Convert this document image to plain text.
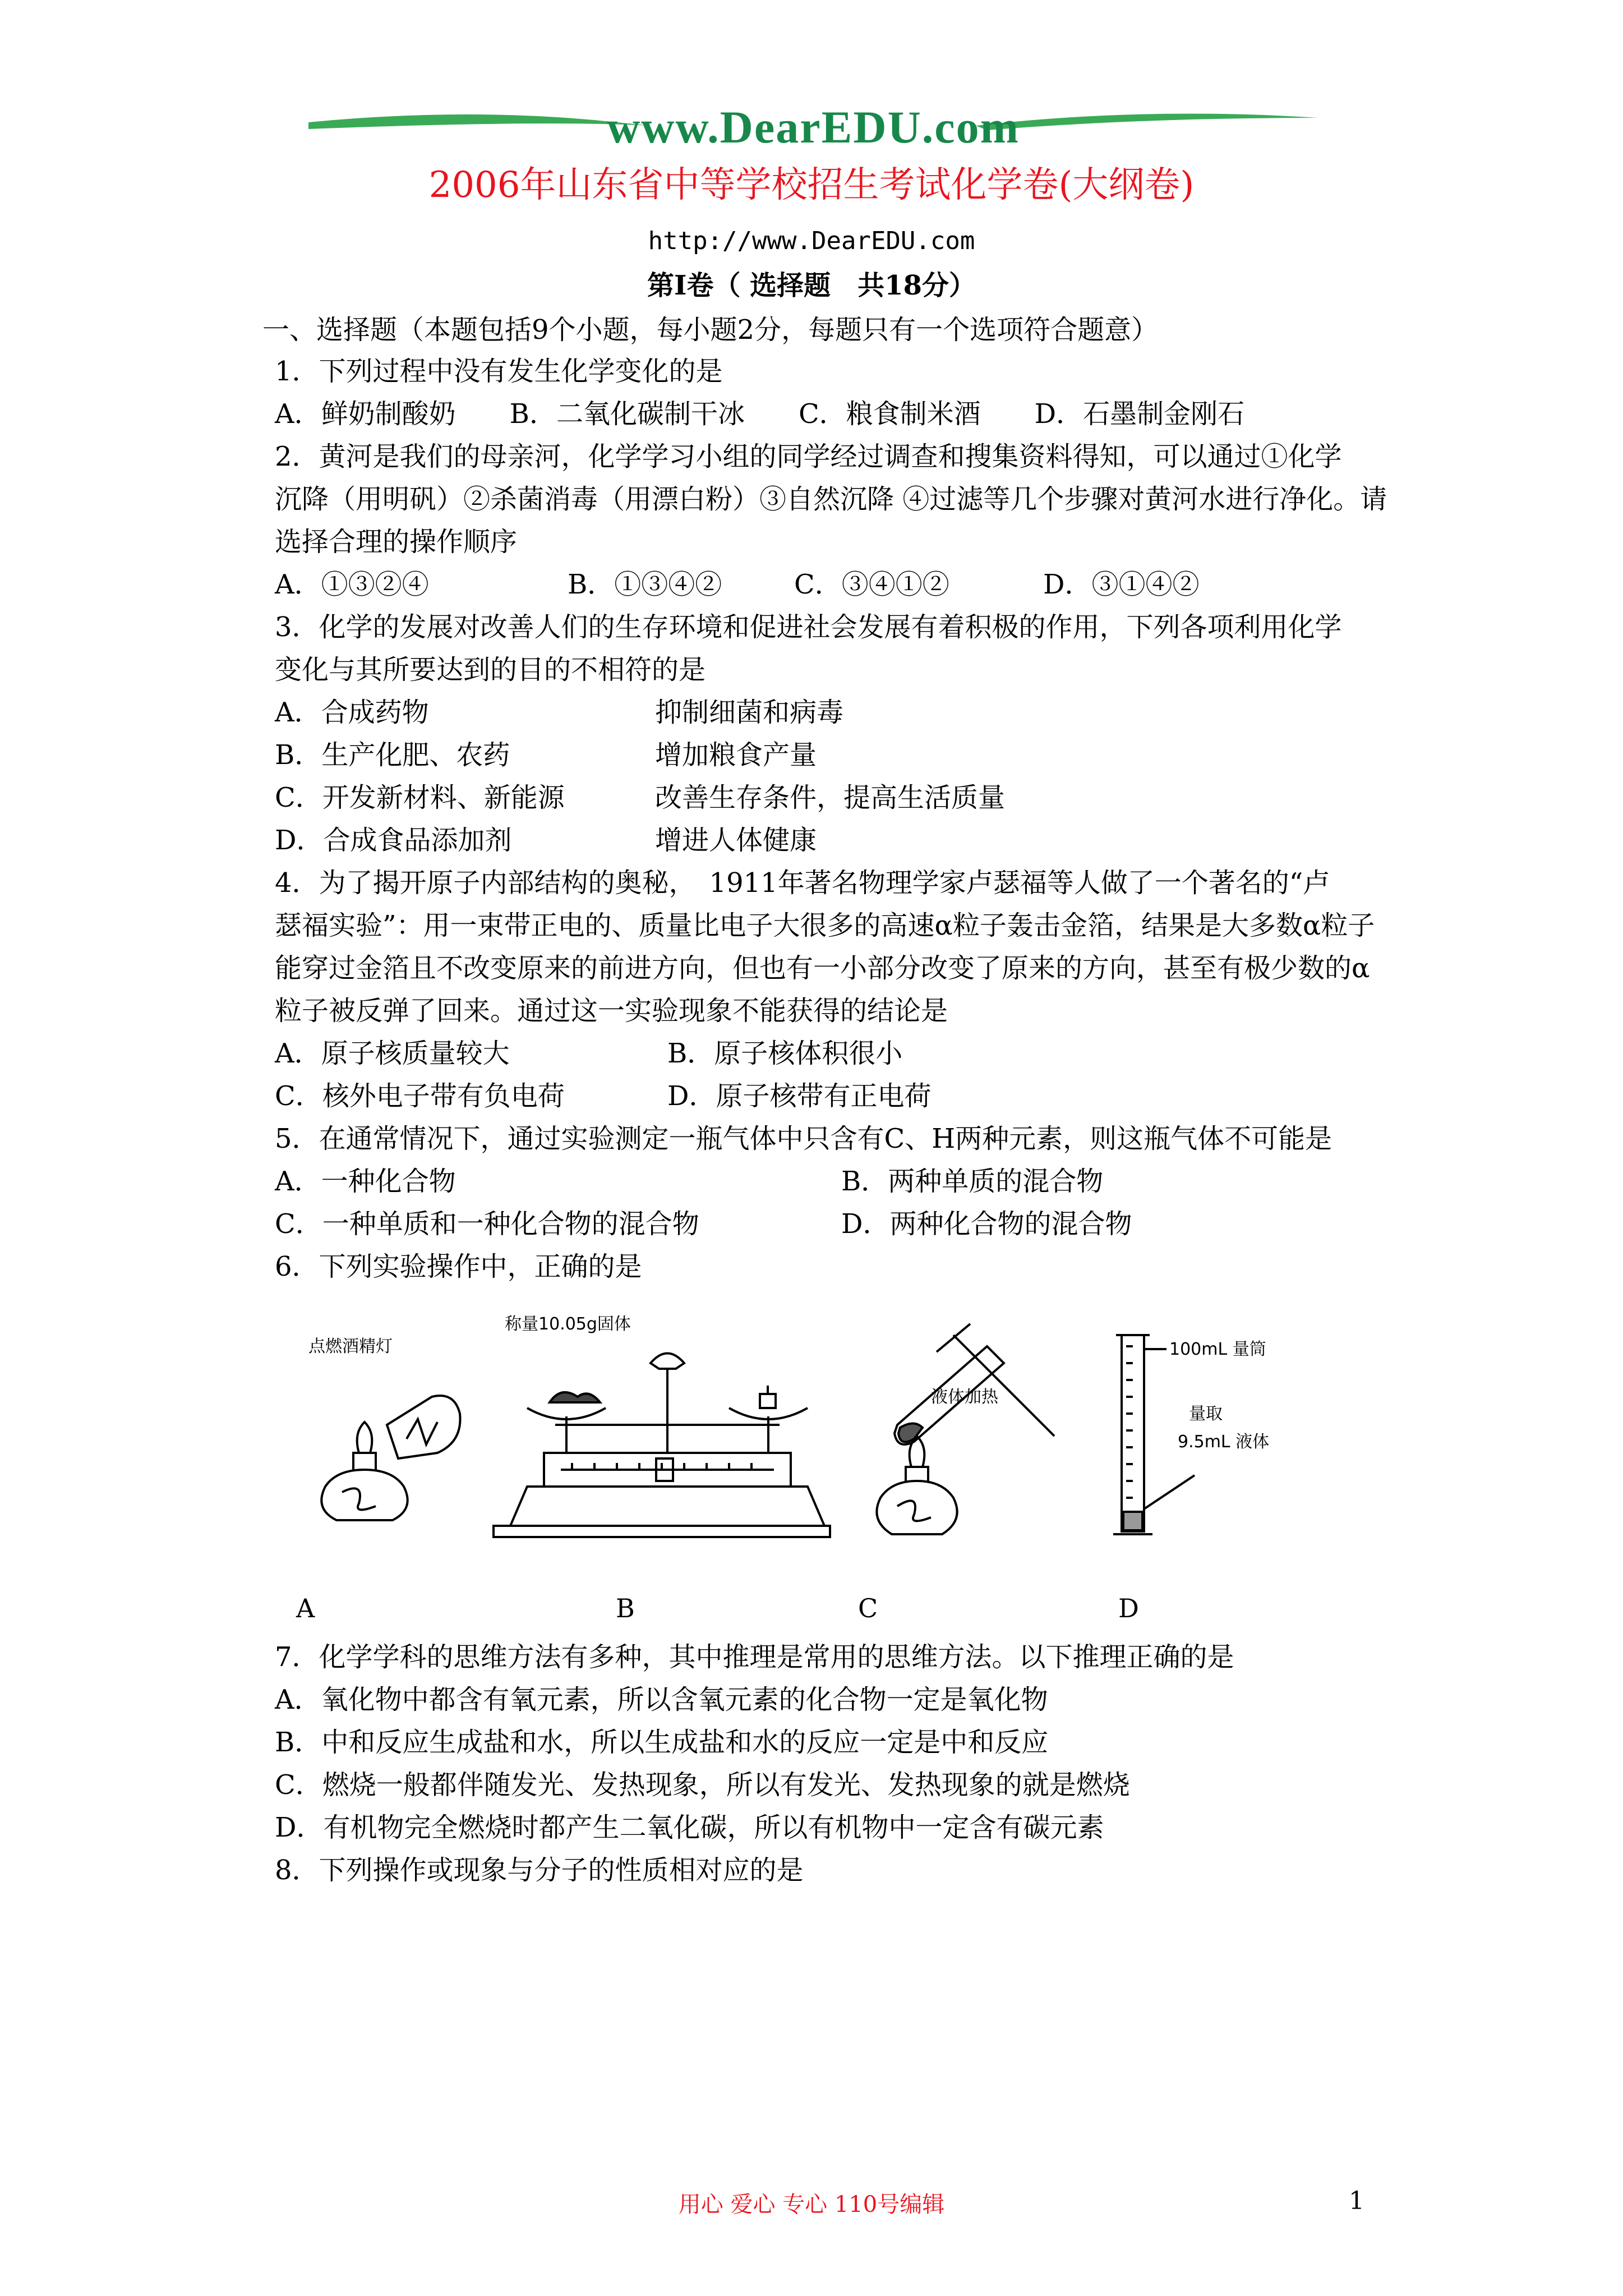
www.DearEDU.com
2006年山东省中等学校招生考试化学卷(大纲卷)
http://www.DearEDU.com
第Ⅰ卷（ 选择题　共18分）
一、选择题（本题包括9个小题，每小题2分，每题只有一个选项符合题意）
1．下列过程中没有发生化学变化的是
A．鲜奶制酸奶　　B．二氧化碳制干冰　　C．粮食制米酒　　D．石墨制金刚石
2．黄河是我们的母亲河，化学学习小组的同学经过调查和搜集资料得知，可以通过①化学
沉降（用明矾）②杀菌消毒（用漂白粉）③自然沉降 ④过滤等几个步骤对黄河水进行净化。请
选择合理的操作顺序
A．①③②④	B．①③④②	C．③④①②	D．③①④②
3．化学的发展对改善人们的生存环境和促进社会发展有着积极的作用，下列各项利用化学
变化与其所要达到的目的不相符的是
A．合成药物	抑制细菌和病毒
B．生产化肥、农药	增加粮食产量
C．开发新材料、新能源	改善生存条件，提高生活质量
D．合成食品添加剂	增进人体健康
4．为了揭开原子内部结构的奥秘，　1911年著名物理学家卢瑟福等人做了一个著名的“卢
瑟福实验”：用一束带正电的、质量比电子大很多的高速α粒子轰击金箔，结果是大多数α粒子
能穿过金箔且不改变原来的前进方向，但也有一小部分改变了原来的方向，甚至有极少数的α
粒子被反弹了回来。通过这一实验现象不能获得的结论是
A．原子核质量较大	B．原子核体积很小
C．核外电子带有负电荷	D．原子核带有正电荷
5．在通常情况下，通过实验测定一瓶气体中只含有C、H两种元素，则这瓶气体不可能是
A．一种化合物	B．两种单质的混合物
C．一种单质和一种化合物的混合物	D．两种化合物的混合物
6．下列实验操作中，正确的是
点燃酒精灯
称量10.05g固体
液体加热
100mL 量筒
量取
9.5mL 液体
A	B	C	D
7．化学学科的思维方法有多种，其中推理是常用的思维方法。以下推理正确的是
A．氧化物中都含有氧元素，所以含氧元素的化合物一定是氧化物
B．中和反应生成盐和水，所以生成盐和水的反应一定是中和反应
C．燃烧一般都伴随发光、发热现象，所以有发光、发热现象的就是燃烧
D．有机物完全燃烧时都产生二氧化碳，所以有机物中一定含有碳元素
8．下列操作或现象与分子的性质相对应的是
用心 爱心 专心 110号编辑	1
